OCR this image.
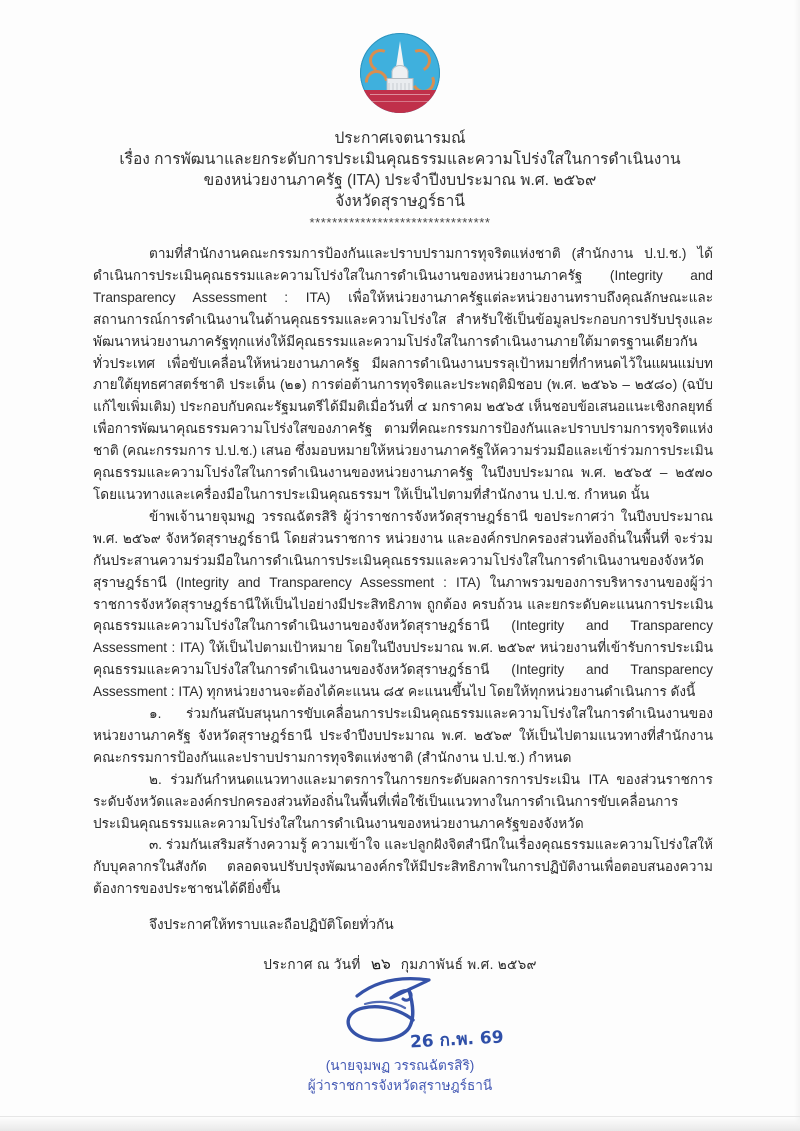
ประกาศเจตนารมณ์
เรื่อง การพัฒนาและยกระดับการประเมินคุณธรรมและความโปร่งใสในการดำเนินงาน
ของหน่วยงานภาครัฐ (ITA) ประจำปีงบประมาณ พ.ศ. ๒๕๖๙
จังหวัดสุราษฎร์ธานี
********************************

ตามที่สำนักงานคณะกรรมการป้องกันและปราบปรามการทุจริตแห่งชาติ (สำนักงาน ป.ป.ช.) ได้ดำเนินการประเมินคุณธรรมและความโปร่งใสในการดำเนินงานของหน่วยงานภาครัฐ (Integrity and Transparency Assessment : ITA) เพื่อให้หน่วยงานภาครัฐแต่ละหน่วยงานทราบถึงคุณลักษณะและสถานการณ์การดำเนินงานในด้านคุณธรรมและความโปร่งใส สำหรับใช้เป็นข้อมูลประกอบการปรับปรุงและพัฒนาหน่วยงานภาครัฐทุกแห่งให้มีคุณธรรมและความโปร่งใสในการดำเนินงานภายใต้มาตรฐานเดียวกันทั่วประเทศ เพื่อขับเคลื่อนให้หน่วยงานภาครัฐ มีผลการดำเนินงานบรรลุเป้าหมายที่กำหนดไว้ในแผนแม่บทภายใต้ยุทธศาสตร์ชาติ ประเด็น (๒๑) การต่อต้านการทุจริตและประพฤติมิชอบ (พ.ศ. ๒๕๖๖ – ๒๕๘๐) (ฉบับแก้ไขเพิ่มเติม) ประกอบกับคณะรัฐมนตรีได้มีมติเมื่อวันที่ ๔ มกราคม ๒๕๖๕ เห็นชอบข้อเสนอแนะเชิงกลยุทธ์เพื่อการพัฒนาคุณธรรมความโปร่งใสของภาครัฐ ตามที่คณะกรรมการป้องกันและปราบปรามการทุจริตแห่งชาติ (คณะกรรมการ ป.ป.ช.) เสนอ ซึ่งมอบหมายให้หน่วยงานภาครัฐให้ความร่วมมือและเข้าร่วมการประเมินคุณธรรมและความโปร่งใสในการดำเนินงานของหน่วยงานภาครัฐ ในปีงบประมาณ พ.ศ. ๒๕๖๕ – ๒๕๗๐ โดยแนวทางและเครื่องมือในการประเมินคุณธรรมฯ ให้เป็นไปตามที่สำนักงาน ป.ป.ช. กำหนด นั้น

ข้าพเจ้านายจุมพฏ วรรณฉัตรสิริ ผู้ว่าราชการจังหวัดสุราษฎร์ธานี ขอประกาศว่า ในปีงบประมาณ พ.ศ. ๒๕๖๙ จังหวัดสุราษฎร์ธานี โดยส่วนราชการ หน่วยงาน และองค์กรปกครองส่วนท้องถิ่นในพื้นที่ จะร่วมกันประสานความร่วมมือในการดำเนินการประเมินคุณธรรมและความโปร่งใสในการดำเนินงานของจังหวัดสุราษฎร์ธานี (Integrity and Transparency Assessment : ITA) ในภาพรวมของการบริหารงานของผู้ว่าราชการจังหวัดสุราษฎร์ธานีให้เป็นไปอย่างมีประสิทธิภาพ ถูกต้อง ครบถ้วน และยกระดับคะแนนการประเมินคุณธรรมและความโปร่งใสในการดำเนินงานของจังหวัดสุราษฎร์ธานี (Integrity and Transparency Assessment : ITA) ให้เป็นไปตามเป้าหมาย โดยในปีงบประมาณ พ.ศ. ๒๕๖๙ หน่วยงานที่เข้ารับการประเมินคุณธรรมและความโปร่งใสในการดำเนินงานของจังหวัดสุราษฎร์ธานี (Integrity and Transparency Assessment : ITA) ทุกหน่วยงานจะต้องได้คะแนน ๘๕ คะแนนขึ้นไป โดยให้ทุกหน่วยงานดำเนินการ ดังนี้

๑. ร่วมกันสนับสนุนการขับเคลื่อนการประเมินคุณธรรมและความโปร่งใสในการดำเนินงานของหน่วยงานภาครัฐ จังหวัดสุราษฎร์ธานี ประจำปีงบประมาณ พ.ศ. ๒๕๖๙ ให้เป็นไปตามแนวทางที่สำนักงานคณะกรรมการป้องกันและปราบปรามการทุจริตแห่งชาติ (สำนักงาน ป.ป.ช.) กำหนด

๒. ร่วมกันกำหนดแนวทางและมาตรการในการยกระดับผลการการประเมิน ITA ของส่วนราชการระดับจังหวัดและองค์กรปกครองส่วนท้องถิ่นในพื้นที่เพื่อใช้เป็นแนวทางในการดำเนินการขับเคลื่อนการประเมินคุณธรรมและความโปร่งใสในการดำเนินงานของหน่วยงานภาครัฐของจังหวัด

๓. ร่วมกันเสริมสร้างความรู้ ความเข้าใจ และปลูกฝังจิตสำนึกในเรื่องคุณธรรมและความโปร่งใสให้กับบุคลากรในสังกัด ตลอดจนปรับปรุงพัฒนาองค์กรให้มีประสิทธิภาพในการปฏิบัติงานเพื่อตอบสนองความต้องการของประชาชนได้ดียิ่งขึ้น

จึงประกาศให้ทราบและถือปฏิบัติโดยทั่วกัน

ประกาศ ณ วันที่ ๒๖ กุมภาพันธ์ พ.ศ. ๒๕๖๙
26 ก.พ. 69
(นายจุมพฏ วรรณฉัตรสิริ)
ผู้ว่าราชการจังหวัดสุราษฎร์ธานี
